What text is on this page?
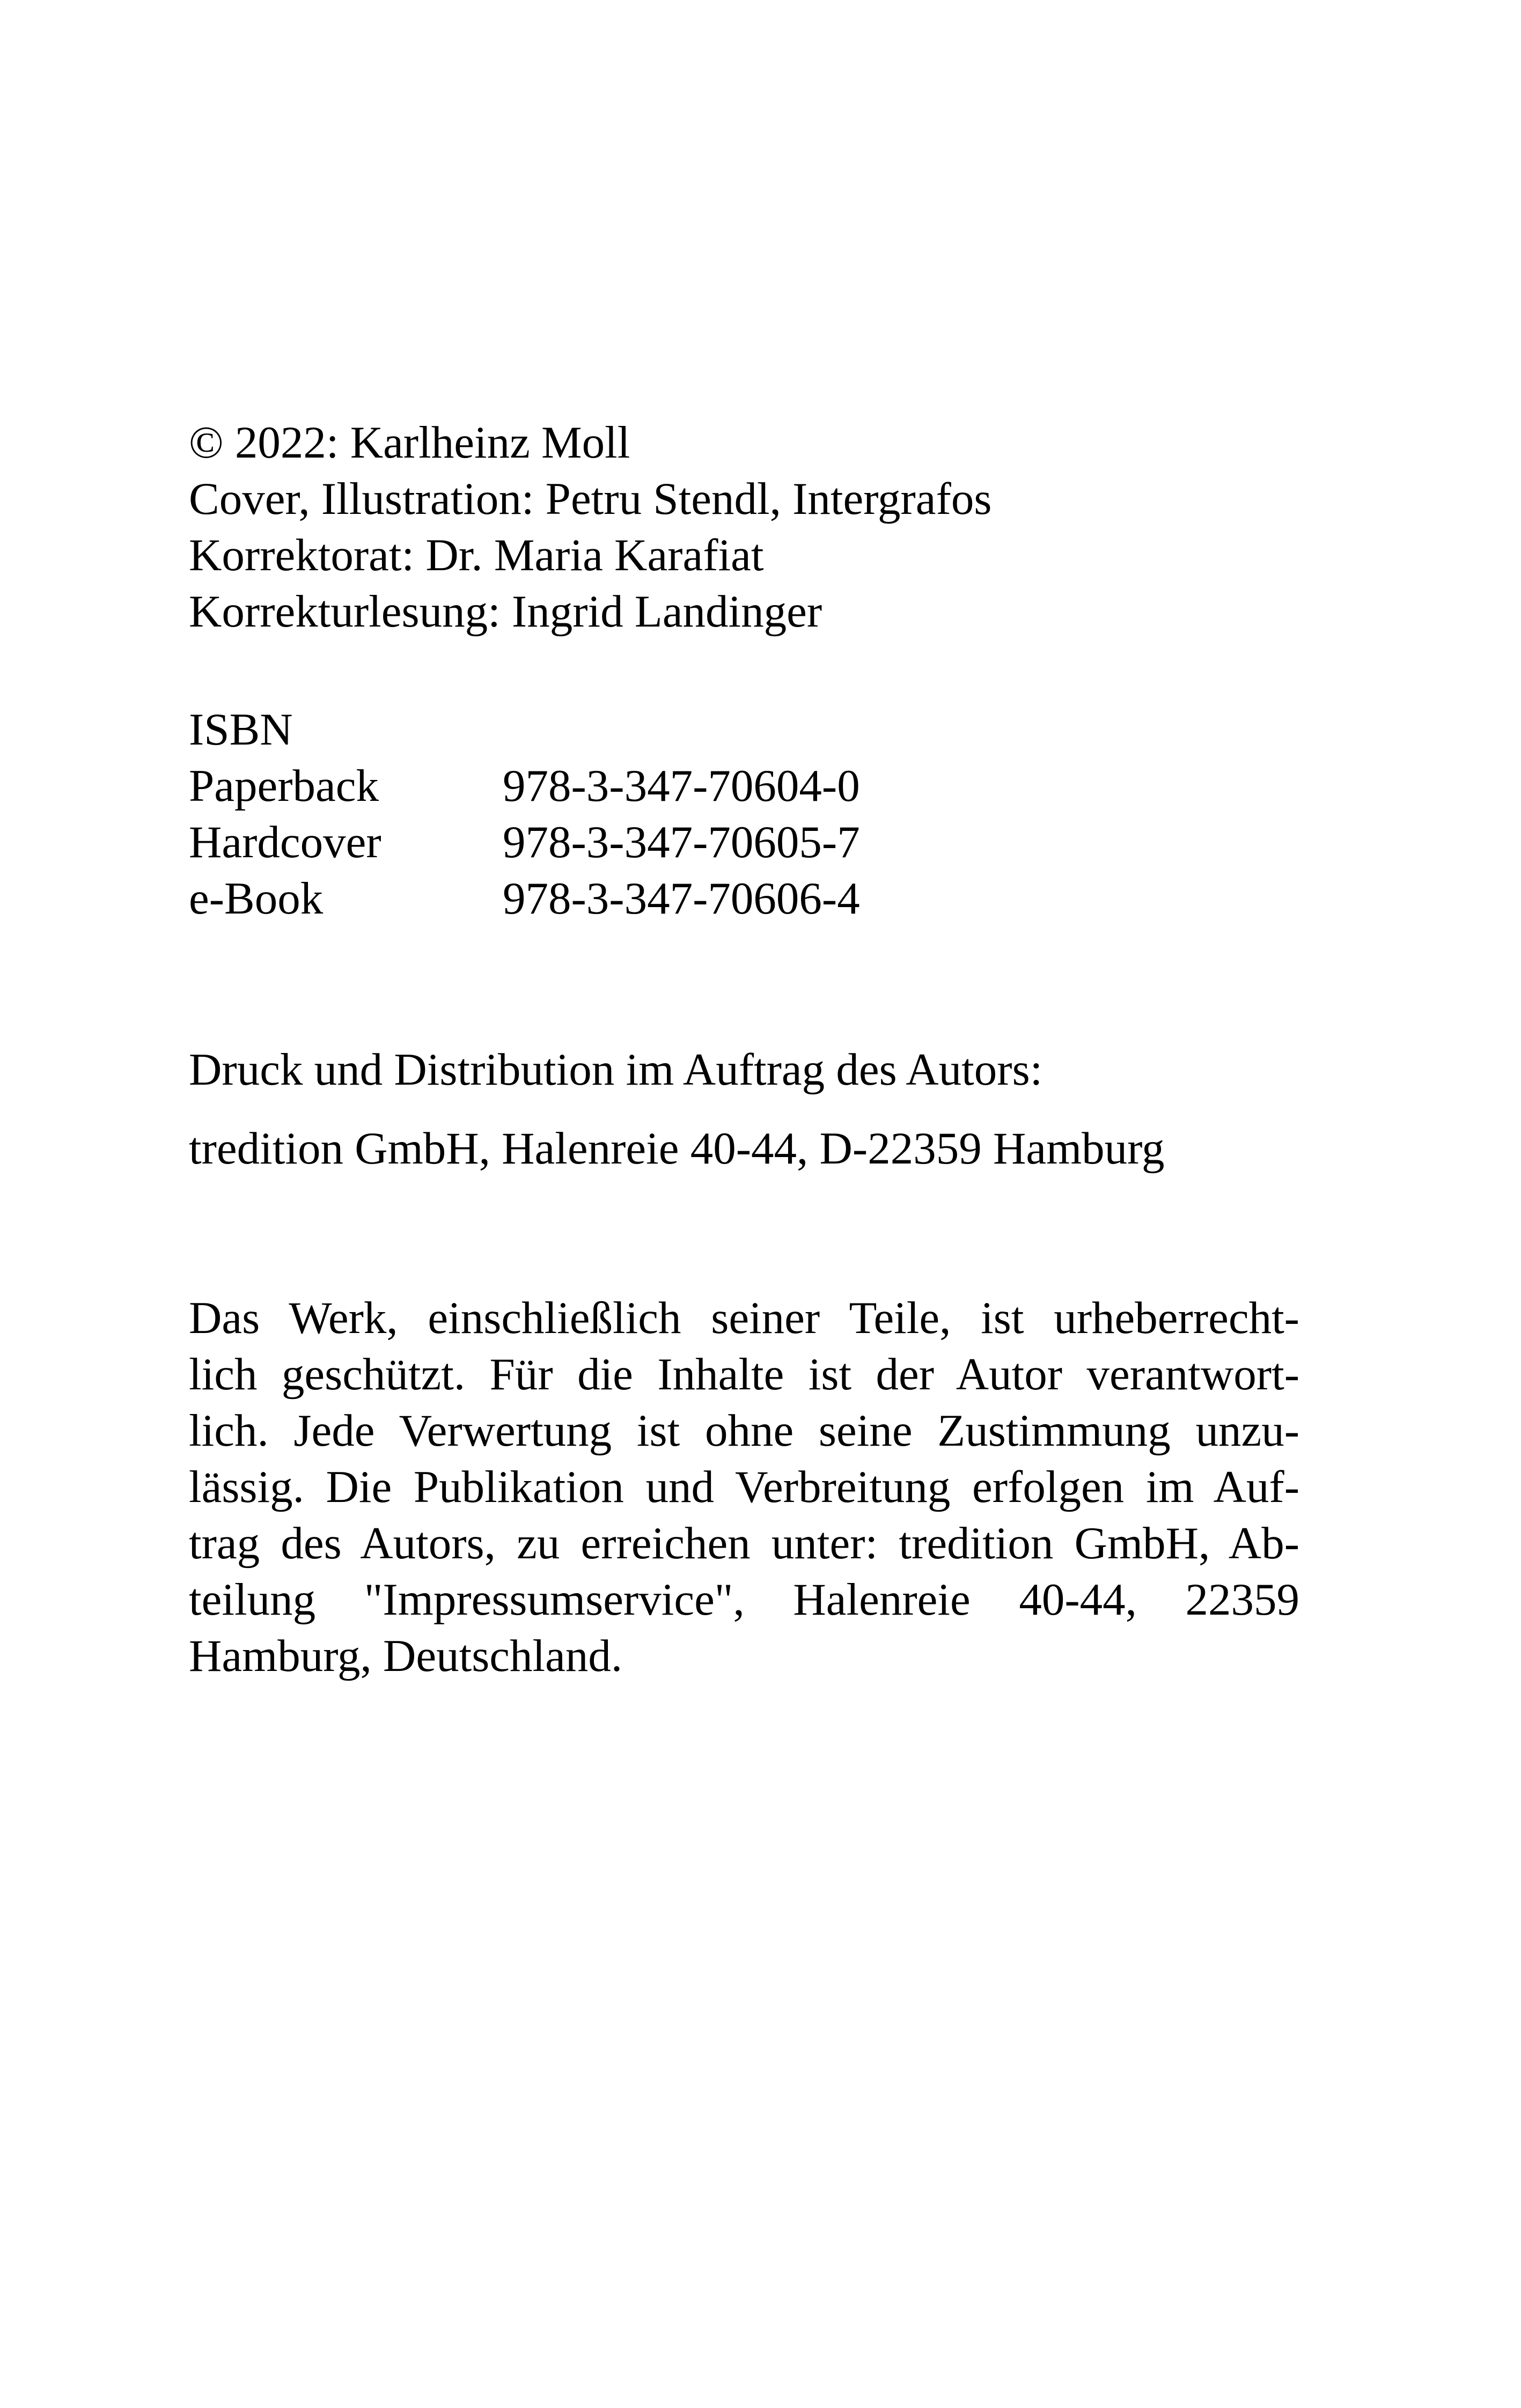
© 2022: Karlheinz Moll
Cover, Illustration: Petru Stendl, Intergrafos
Korrektorat: Dr. Maria Karafiat
Korrekturlesung: Ingrid Landinger
ISBN
Paperback	978-3-347-70604-0
Hardcover	978-3-347-70605-7
e-Book	978-3-347-70606-4
Druck und Distribution im Auftrag des Autors:
tredition GmbH, Halenreie 40-44, D-22359 Hamburg
Das Werk, einschließlich seiner Teile, ist urheberrecht-
lich geschützt. Für die Inhalte ist der Autor verantwort-
lich. Jede Verwertung ist ohne seine Zustimmung unzu-
lässig. Die Publikation und Verbreitung erfolgen im Auf-
trag des Autors, zu erreichen unter: tredition GmbH, Ab-
teilung "Impressumservice", Halenreie 40-44, 22359
Hamburg, Deutschland.
